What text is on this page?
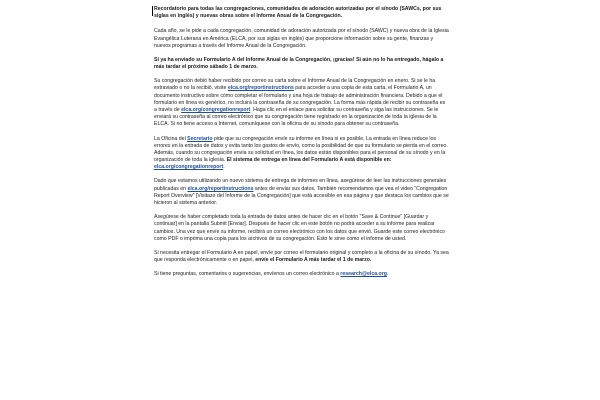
Recordatorio para todas las congregaciones, comunidades de adoración autorizadas por el sínodo (SAWCs, por sus siglas en inglés) y nuevas obras sobre el Informe Anual de la Congregación.

Cada año, se le pide a cada congregación, comunidad de adoración autorizada por el sínodo (SAWC) y nueva obra de la Iglesia Evangélica Luterana en América (ELCA, por sus siglas en inglés) que proporcione información sobre su gente, finanzas y nuevos programas a través del Informe Anual de la Congregación.

Si ya ha enviado su Formulario A del Informe Anual de la Congregación, ¡gracias! Si aún no lo ha entregado, hágalo a más tardar el próximo sábado 1 de marzo.

Su congregación debió haber recibido por correo su carta sobre el Informe Anual de la Congregación en enero. Si se le ha extraviado o no la recibió, visite elca.org/reportinstructions para acceder a una copia de esta carta, el Formulario A, un documento instructivo sobre cómo completar el formulario y una hoja de trabajo de administración financiera. Debido a que el formulario en línea es genérico, no incluirá la contraseña de su congregación. La forma más rápida de recibir su contraseña es a través de elca.org/congregationreport. Haga clic en el enlace para solicitar su contraseña y siga las instrucciones. Se le enviará su contraseña al correo electrónico que su congregación tiene registrado en la organización de toda la iglesia de la ELCA. Si no tiene acceso a Internet, comuníquese con la oficina de su sínodo para obtener su contraseña.

La Oficina del Secretario pide que su congregación envíe su informe en línea si es posible. La entrada en línea reduce los errores en la entrada de datos y evita tanto los gastos de envío, como la posibilidad de que su formulario se pierda en el correo. Además, cuando su congregación envía su solicitud en línea, los datos están disponibles para el personal de su sínodo y en la organización de toda la iglesia. El sistema de entrega en línea del Formulario A está disponible en: elca.org/congregationreport.

Dado que estamos utilizando un nuevo sistema de entrega de informes en línea, asegúrese de leer las instrucciones generales publicadas en elca.org/reportinstructions antes de enviar sus datos. También recomendamos que vea el video "Congregation Report Overview" [Visitazo del Informe de la Congregación] que está accesible en esa página y que destaca los cambios que se hicieron al sistema anterior.

Asegúrese de haber completado toda la entrada de datos antes de hacer clic en el botón "Save & Continue" [Guardar y continuar] en la pantalla Submit [Enviar]. Después de hacer clic en este botón no podrá acceder a su informe para realizar cambios. Una vez que envíe su informe, recibirá un correo electrónico con los datos que envió. Guarde este correo electrónico como PDF o imprima una copia para los archivos de su congregación. Esto le sirve como el informe de usted.

Si necesita entregar el Formulario A en papel, envíe por correo el formulario original y completo a la oficina de su sínodo. Ya sea que responda electrónicamente o en papel, envíe el Formulario A más tardar el 1 de marzo.

Si tiene preguntas, comentarios o sugerencias, envíenos un correo electrónico a research@elca.org.
